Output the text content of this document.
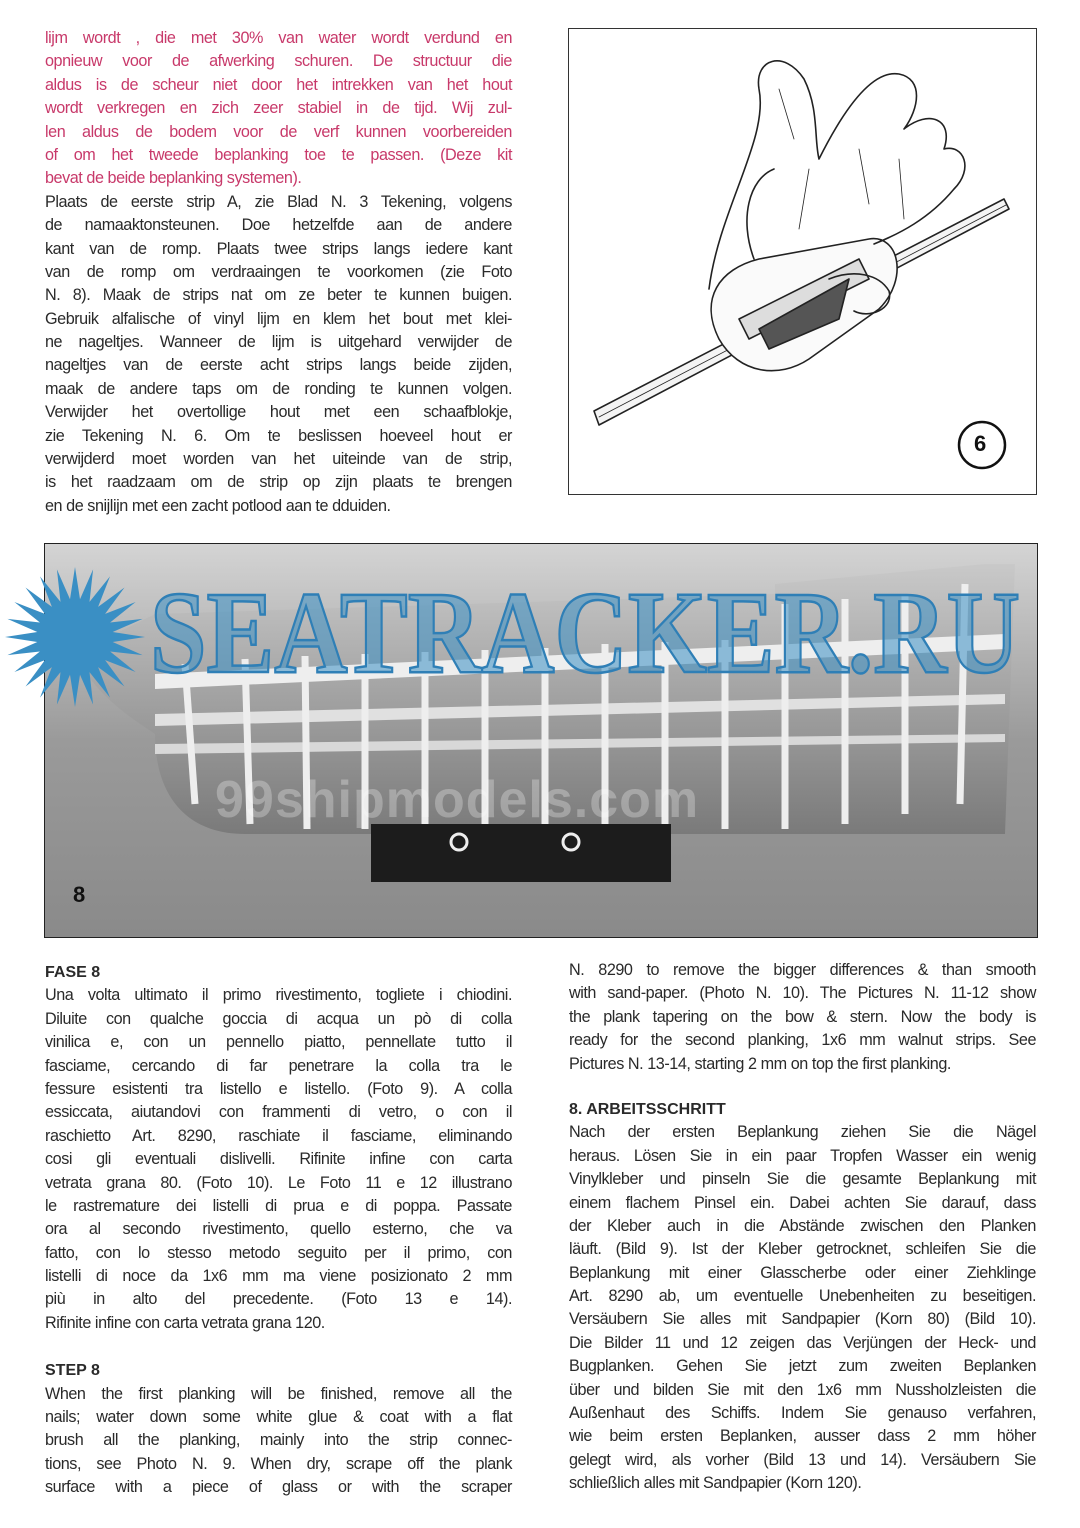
lijm wordt , die met 30% van water wordt verdund en
opnieuw voor de afwerking schuren. De structuur die
aldus is de scheur niet door het intrekken van het hout
wordt verkregen en zich zeer stabiel in de tijd. Wij zul-
len aldus de bodem voor de verf kunnen voorbereiden
of om het tweede beplanking toe te passen. (Deze kit
bevat de beide beplanking systemen).
Plaats de eerste strip A, zie Blad N. 3 Tekening, volgens
de namaaktonsteunen. Doe hetzelfde aan de andere
kant van de romp. Plaats twee strips langs iedere kant
van de romp om verdraaingen te voorkomen (zie Foto
N. 8). Maak de strips nat om ze beter te kunnen buigen.
Gebruik alfalische of vinyl lijm en klem het bout met klei-
ne nageltjes. Wanneer de lijm is uitgehard verwijder de
nageltjes van de eerste acht strips langs beide zijden,
maak de andere taps om de ronding te kunnen volgen.
Verwijder het overtollige hout met een schaafblokje,
zie Tekening N. 6. Om te beslissen hoeveel hout er
verwijderd moet worden van het uiteinde van de strip,
is het raadzaam om de strip op zijn plaats te brengen
en de snijlijn met een zacht potlood aan te dduiden.
6
99shipmodels.com
8
FASE 8
Una volta ultimato il primo rivestimento, togliete i chiodini.
Diluite con qualche goccia di acqua un pò di colla
vinilica e, con un pennello piatto, pennellate tutto il
fasciame, cercando di far penetrare la colla tra le
fessure esistenti tra listello e listello. (Foto 9). A colla
essiccata, aiutandovi con frammenti di vetro, o con il
raschietto Art. 8290, raschiate il fasciame, eliminando
cosi gli eventuali dislivelli. Rifinite infine con carta
vetrata grana 80. (Foto 10). Le Foto 11 e 12 illustrano
le rastremature dei listelli di prua e di poppa. Passate
ora al secondo rivestimento, quello esterno, che va
fatto, con lo stesso metodo seguito per il primo, con
listelli di noce da 1x6 mm ma viene posizionato 2 mm
più in alto del precedente. (Foto 13 e 14).
Rifinite infine con carta vetrata grana 120.
STEP 8
When the first planking will be finished, remove all the
nails; water down some white glue & coat with a flat
brush all the planking, mainly into the strip connec-
tions, see Photo N. 9. When dry, scrape off the plank
surface with a piece of glass or with the scraper
N. 8290 to remove the bigger differences & than smooth
with sand-paper. (Photo N. 10). The Pictures N. 11-12 show
the plank tapering on the bow & stern. Now the body is
ready for the second planking, 1x6 mm walnut strips. See
Pictures N. 13-14, starting 2 mm on top the first planking.
8. ARBEITSSCHRITT
Nach der ersten Beplankung ziehen Sie die Nägel
heraus. Lösen Sie in ein paar Tropfen Wasser ein wenig
Vinylkleber und pinseln Sie die gesamte Beplankung mit
einem flachem Pinsel ein. Dabei achten Sie darauf, dass
der Kleber auch in die Abstände zwischen den Planken
läuft. (Bild 9). Ist der Kleber getrocknet, schleifen Sie die
Beplankung mit einer Glasscherbe oder einer Ziehklinge
Art. 8290 ab, um eventuelle Unebenheiten zu beseitigen.
Versäubern Sie alles mit Sandpapier (Korn 80) (Bild 10).
Die Bilder 11 und 12 zeigen das Verjüngen der Heck- und
Bugplanken. Gehen Sie jetzt zum zweiten Beplanken
über und bilden Sie mit den 1x6 mm Nussholzleisten die
Außenhaut des Schiffs. Indem Sie genauso verfahren,
wie beim ersten Beplanken, ausser dass 2 mm höher
gelegt wird, als vorher (Bild 13 und 14). Versäubern Sie
schließlich alles mit Sandpapier (Korn 120).
SEATRACKER.RU
